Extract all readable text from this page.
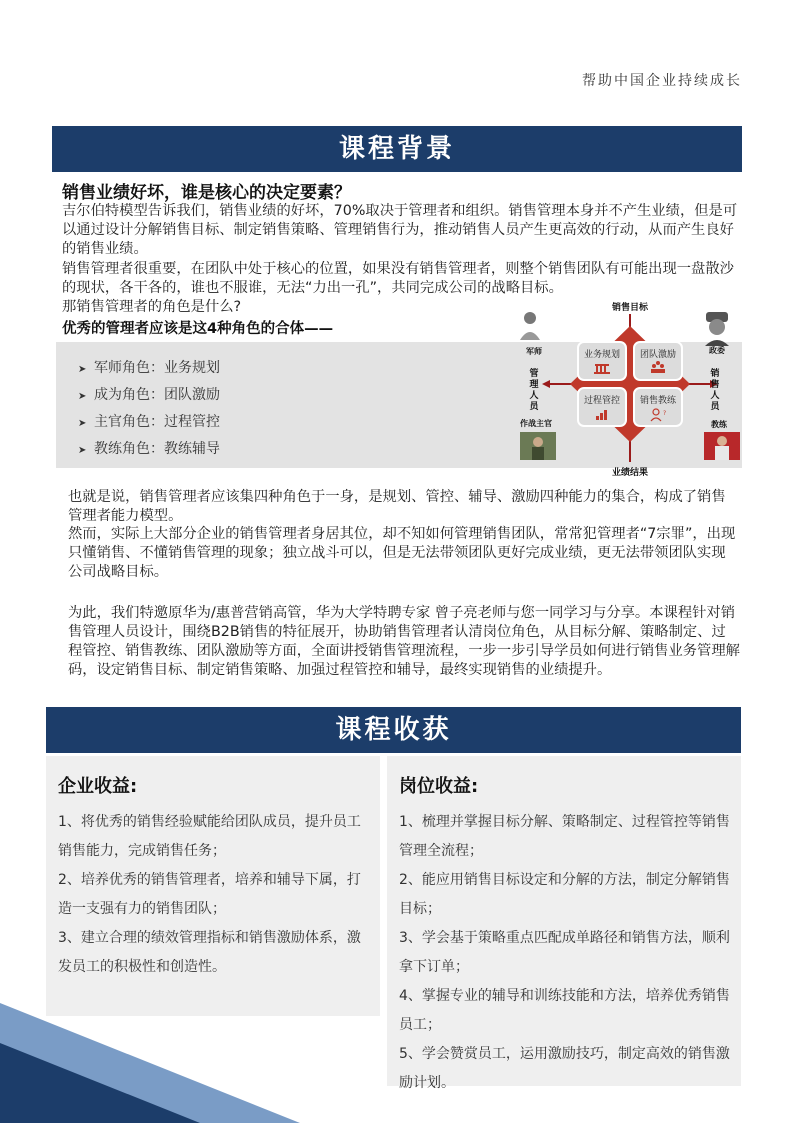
帮助中国企业持续成长
课程背景
销售业绩好坏，谁是核心的决定要素？
吉尔伯特模型告诉我们，销售业绩的好坏，70%取决于管理者和组织。销售管理本身并不产生业绩，但是可以通过设计分解销售目标、制定销售策略、管理销售行为，推动销售人员产生更高效的行动，从而产生良好的销售业绩。
销售管理者很重要，在团队中处于核心的位置，如果没有销售管理者，则整个销售团队有可能出现一盘散沙的现状，各干各的，谁也不服谁，无法“力出一孔”，共同完成公司的战略目标。
那销售管理者的角色是什么?
优秀的管理者应该是这4种角色的合体——
➤ 军师角色：业务规划
➤ 成为角色：团队激励
➤ 主官角色：过程管控
➤ 教练角色：教练辅导
业务规划 团队激励
过程管控 销售教练
?
销售目标
业绩结果
管
理
人
员
销
售
人
员
军师	政委
作战主官	教练
也就是说，销售管理者应该集四种角色于一身，是规划、管控、辅导、激励四种能力的集合，构成了销售管理者能力模型。
然而，实际上大部分企业的销售管理者身居其位，却不知如何管理销售团队，常常犯管理者“7宗罪”，出现只懂销售、不懂销售管理的现象；独立战斗可以，但是无法带领团队更好完成业绩，更无法带领团队实现公司战略目标。
为此，我们特邀原华为/惠普营销高管，华为大学特聘专家 曾子亮老师与您一同学习与分享。本课程针对销售管理人员设计，围绕B2B销售的特征展开，协助销售管理者认清岗位角色，从目标分解、策略制定、过程管控、销售教练、团队激励等方面，全面讲授销售管理流程，一步一步引导学员如何进行销售业务管理解码，设定销售目标、制定销售策略、加强过程管控和辅导，最终实现销售的业绩提升。
课程收获
企业收益:

1、将优秀的销售经验赋能给团队成员，提升员工销售能力，完成销售任务；

2、培养优秀的销售管理者，培养和辅导下属，打造一支强有力的销售团队；

3、建立合理的绩效管理指标和销售激励体系，激发员工的积极性和创造性。

岗位收益:

1、梳理并掌握目标分解、策略制定、过程管控等销售管理全流程；

2、能应用销售目标设定和分解的方法，制定分解销售目标；

3、学会基于策略重点匹配成单路径和销售方法，顺利拿下订单；

4、掌握专业的辅导和训练技能和方法，培养优秀销售员工；

5、学会赞赏员工，运用激励技巧，制定高效的销售激励计划。
